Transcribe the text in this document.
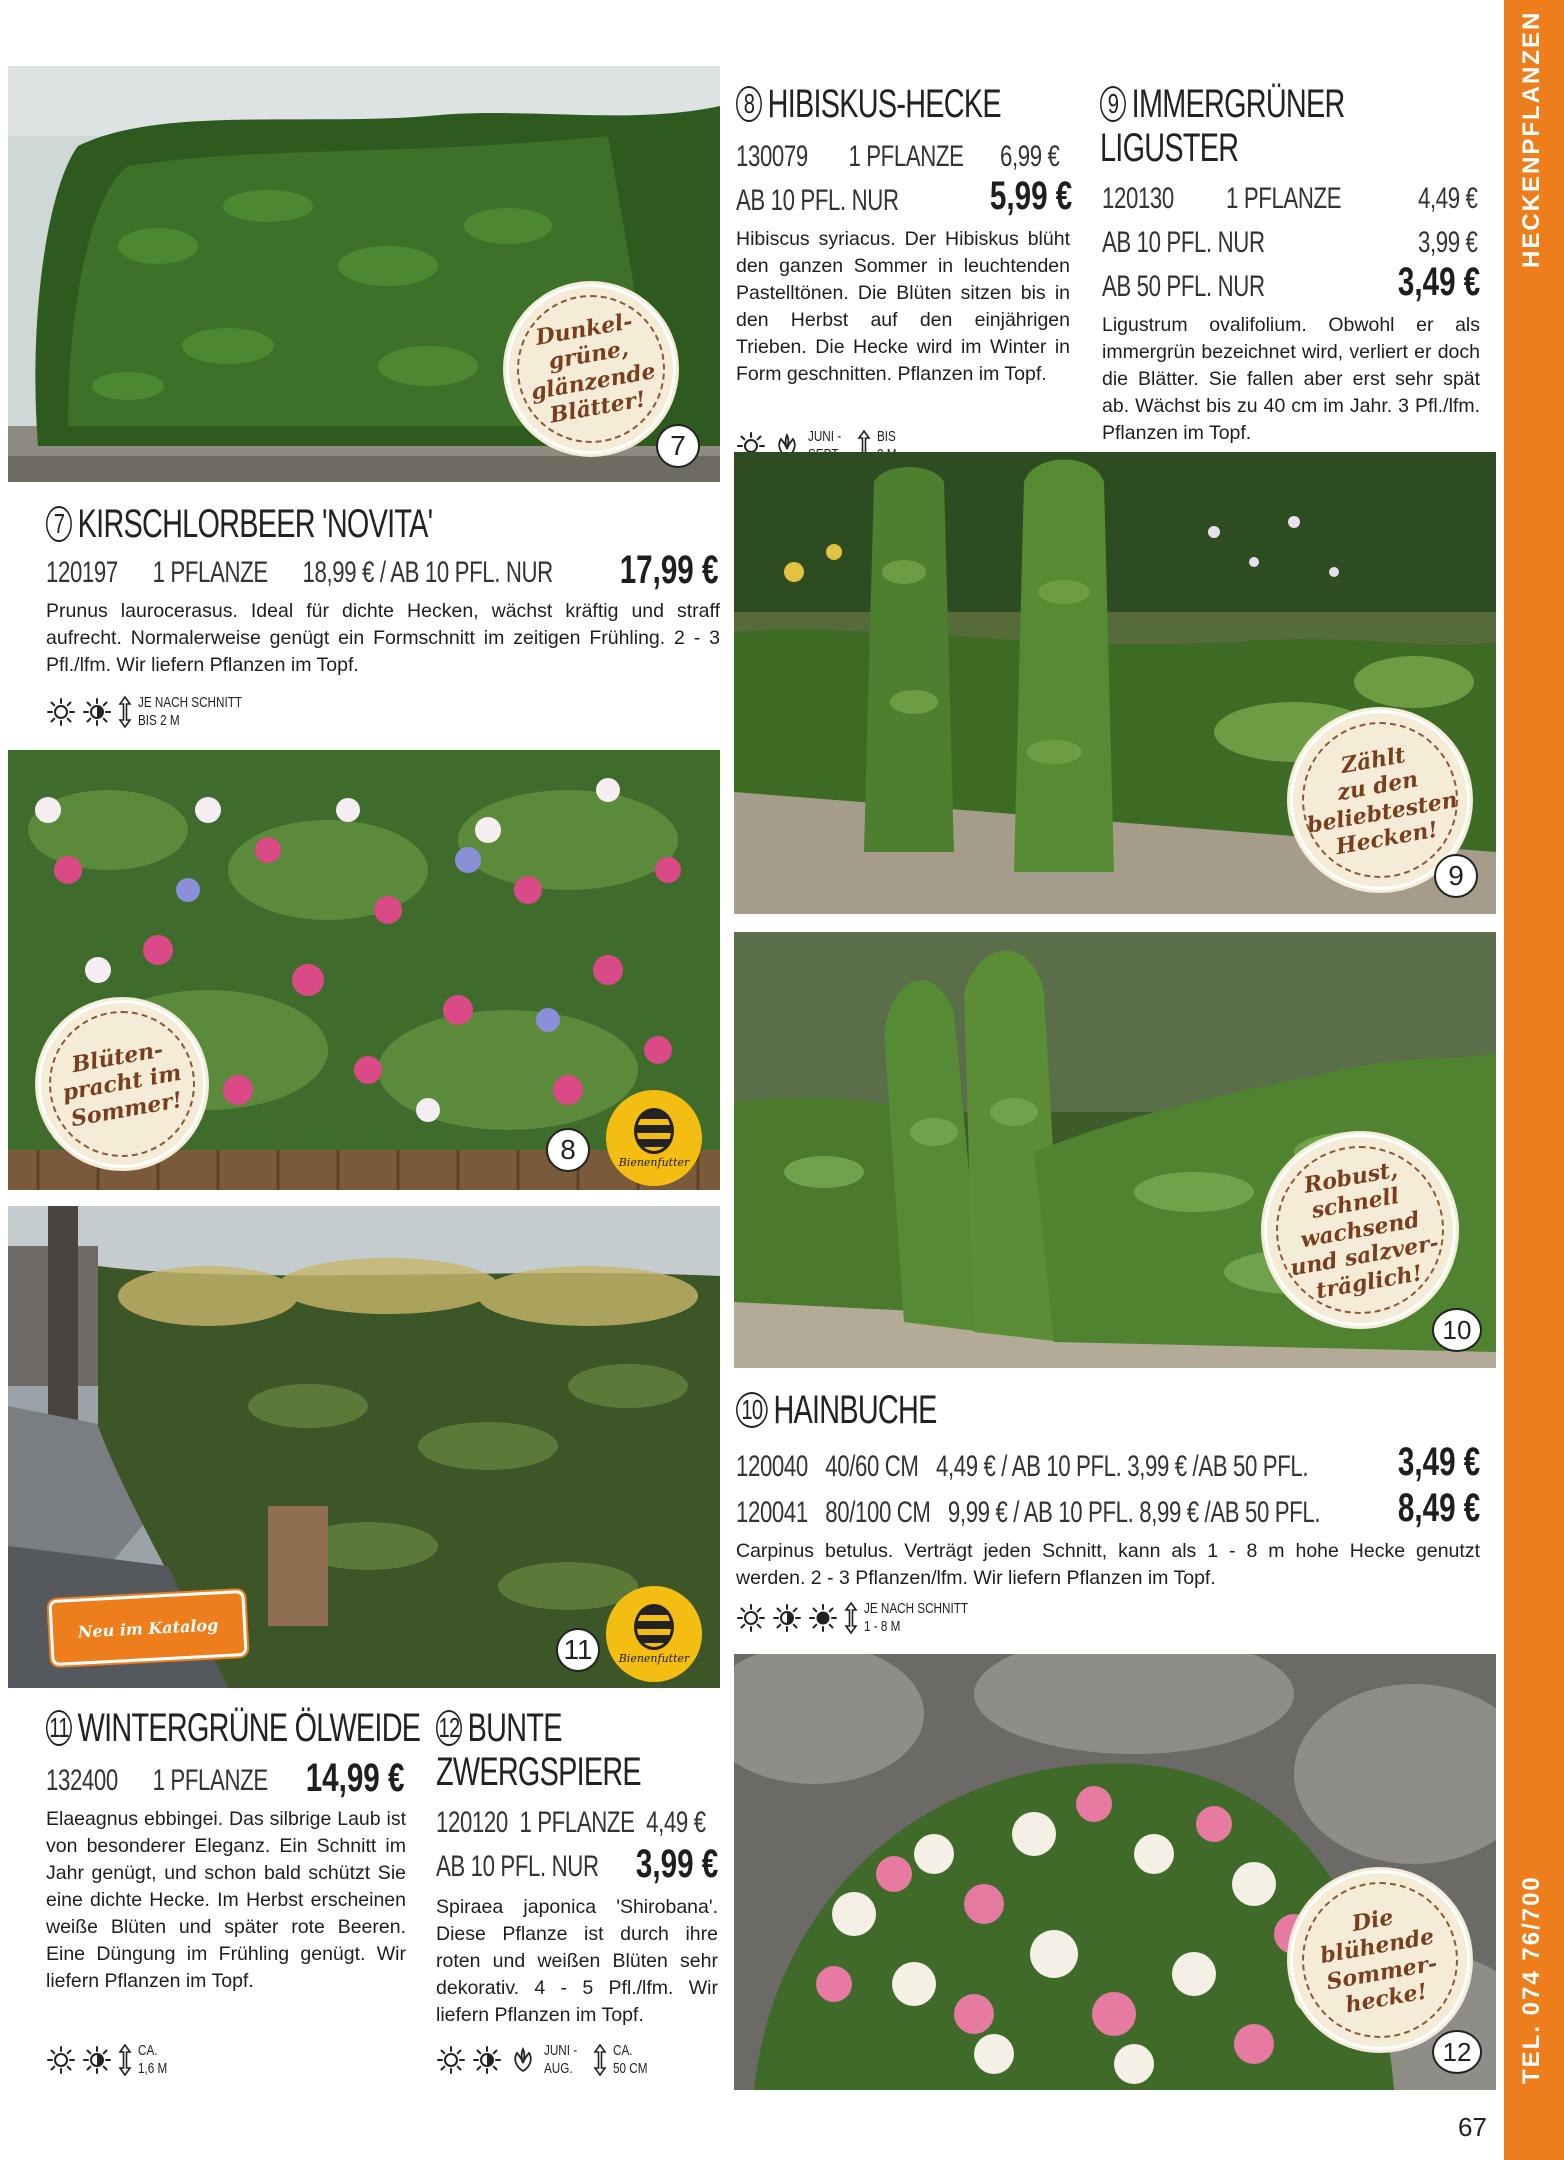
HECKENPFLANZEN
TEL. 074 76/700
Dunkel-
grüne,
glänzende
Blätter!
7
7 KIRSCHLORBEER 'NOVITA'
120197 1 PFLANZE 18,99 € / AB 10 PFL. NUR 17,99 €
Prunus laurocerasus. Ideal für dichte Hecken, wächst kräftig und straff aufrecht. Normalerweise genügt ein Formschnitt im zeitigen Frühling. 2 - 3 Pfl./lfm. Wir liefern Pflanzen im Topf.
JE NACH SCHNITT
BIS 2 M
Blüten-
pracht im
Sommer!
8	Bienenfutter
Neu im Katalog
11	Bienenfutter
11 WINTERGRÜNE ÖLWEIDE
132400 1 PFLANZE 14,99 €
Elaeagnus ebbingei. Das silbrige Laub ist von besonderer Eleganz. Ein Schnitt im Jahr genügt, und schon bald schützt Sie eine dichte Hecke. Im Herbst erscheinen weiße Blüten und später rote Beeren. Eine Düngung im Frühling genügt. Wir liefern Pflanzen im Topf.
CA.
1,6 M
12 BUNTE
ZWERGSPIERE
120120 1 PFLANZE 4,49 €
AB 10 PFL. NUR 3,99 €
Spiraea japonica 'Shirobana'. Diese Pflanze ist durch ihre roten und weißen Blüten sehr dekorativ. 4 - 5 Pfl./lfm. Wir liefern Pflanzen im Topf.
JUNI -
AUG.
CA.
50 CM
8 HIBISKUS-HECKE
130079 1 PFLANZE 6,99 €
AB 10 PFL. NUR 5,99 €
Hibiscus syriacus. Der Hibiskus blüht den ganzen Sommer in leuchtenden Pastelltönen. Die Blüten sitzen bis in den Herbst auf den einjährigen Trieben. Die Hecke wird im Winter in Form geschnitten. Pflanzen im Topf.
JUNI -	BIS

9 IMMERGRÜNER
LIGUSTER
120130 1 PFLANZE	4,49 €
AB 10 PFL. NUR	3,99 €
AB 50 PFL. NUR	3,49 €
Ligustrum ovalifolium. Obwohl er als immergrün bezeichnet wird, verliert er doch die Blätter. Sie fallen aber erst sehr spät ab. Wächst bis zu 40 cm im Jahr. 3 Pfl./lfm. Pflanzen im Topf.

Zählt
zu den
beliebtesten
Hecken!
9
Robust,
schnell
wachsend
und salzver-
träglich!
10
10 HAINBUCHE
120040 40/60 CM 4,49 € / AB 10 PFL. 3,99 € /AB 50 PFL. 3,49 €
120041 80/100 CM 9,99 € / AB 10 PFL. 8,99 € /AB 50 PFL. 8,49 €
Carpinus betulus. Verträgt jeden Schnitt, kann als 1 - 8 m hohe Hecke genutzt werden. 2 - 3 Pflanzen/lfm. Wir liefern Pflanzen im Topf.
JE NACH SCHNITT
1 - 8 M
Die
blühende
Sommer-
hecke!
12
67
